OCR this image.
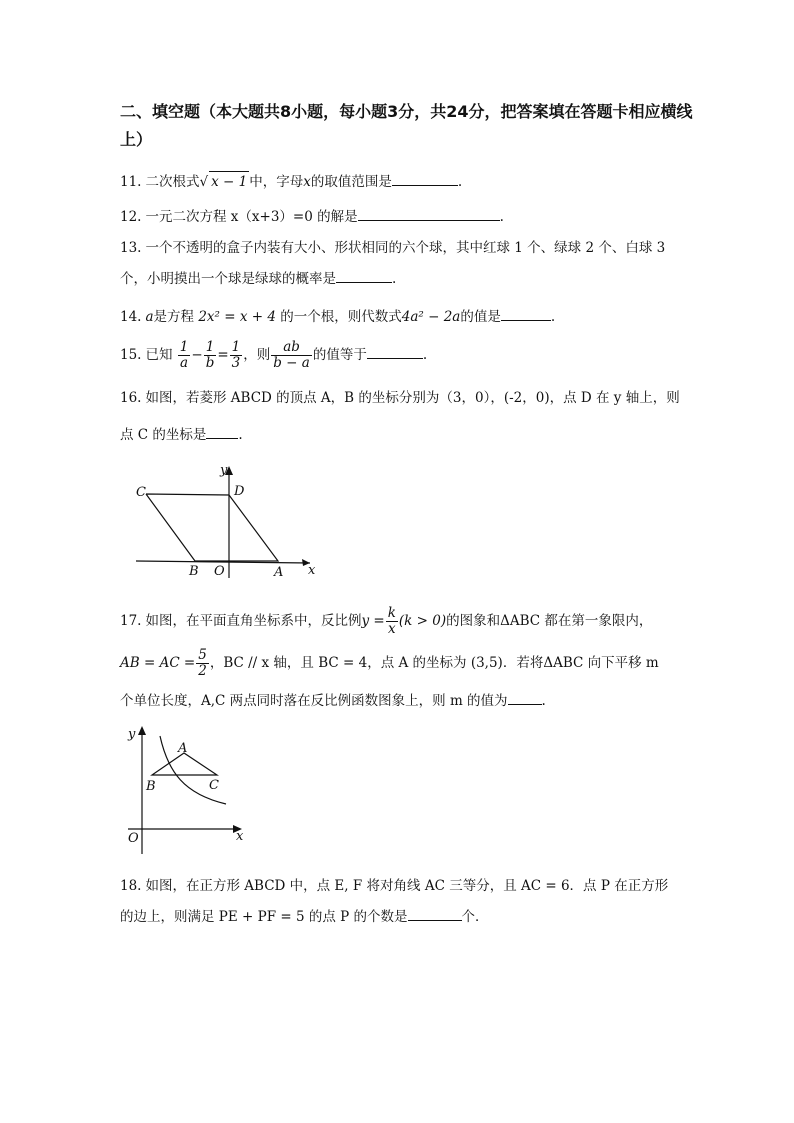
二、填空题（本大题共8小题，每小题3分，共24分，把答案填在答题卡相应横线上）
11. 二次根式√ x − 1 中，字母x的取值范围是	.
12. 一元二次方程 x（x+3）=0 的解是	.
13. 一个不透明的盒子内装有大小、形状相同的六个球，其中红球 1 个、绿球 2 个、白球 3
个，小明摸出一个球是绿球的概率是	.
14. a是方程 2x² = x + 4 的一个根，则代数式4a² − 2a的值是	.
15. 已知 $\frac{1}{a} - \frac{1}{b} = \frac{1}{3}$ ，则 $\frac{ab}{b - a}$ 的值等于	.
16. 如图，若菱形 ABCD 的顶点 A，B 的坐标分别为（3，0），(-2，0)，点 D 在 y 轴上，则
点 C 的坐标是 .
C	D
B O	A x
y
17. 如图，在平面直角坐标系中，反比例$y = \frac{k}{x} (k > 0)$的图象和ΔABC 都在第一象限内，
AB = AC = $\frac{5}{2}$ ，BC // x 轴，且 BC = 4，点 A 的坐标为 (3,5)．若将ΔABC 向下平移 m
个单位长度，A,C 两点同时落在反比例函数图象上，则 m 的值为	.
A
B	C
O	x
y
18. 如图，在正方形 ABCD 中，点 E, F 将对角线 AC 三等分，且 AC = 6．点 P 在正方形
的边上，则满足 PE + PF = 5 的点 P 的个数是	个．
